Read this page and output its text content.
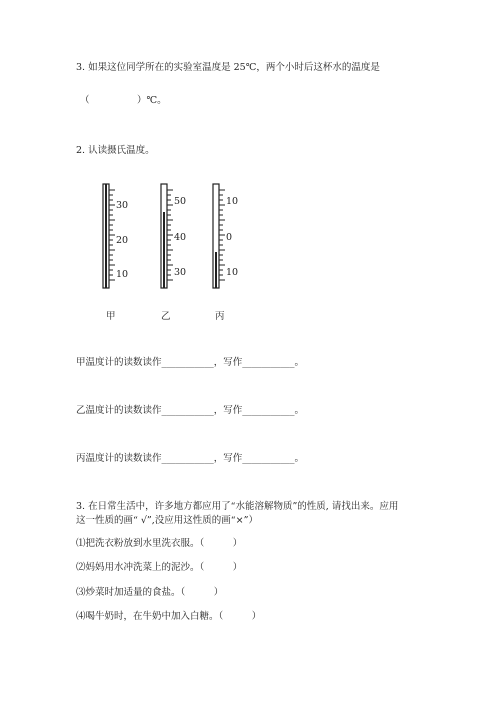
3. 如果这位同学所在的实验室温度是 25℃，两个小时后这杯水的温度是
（　　　　　）℃。
2. 认读摄氏温度。
30
20
10
50
40
30
10
0
10
甲	乙	丙
甲温度计的读数读作___________，写作___________。
乙温度计的读数读作___________，写作___________。
丙温度计的读数读作___________，写作___________。
3. 在日常生活中，许多地方都应用了“水能溶解物质”的性质, 请找出来。应用
这一性质的画“ √”,没应用这性质的画“×”）
⑴把洗衣粉放到水里洗衣服。（　　　）
⑵妈妈用水冲洗菜上的泥沙。（　　　）
⑶炒菜时加适量的食盐。（　　　）
⑷喝牛奶时，在牛奶中加入白糖。（　　　）
